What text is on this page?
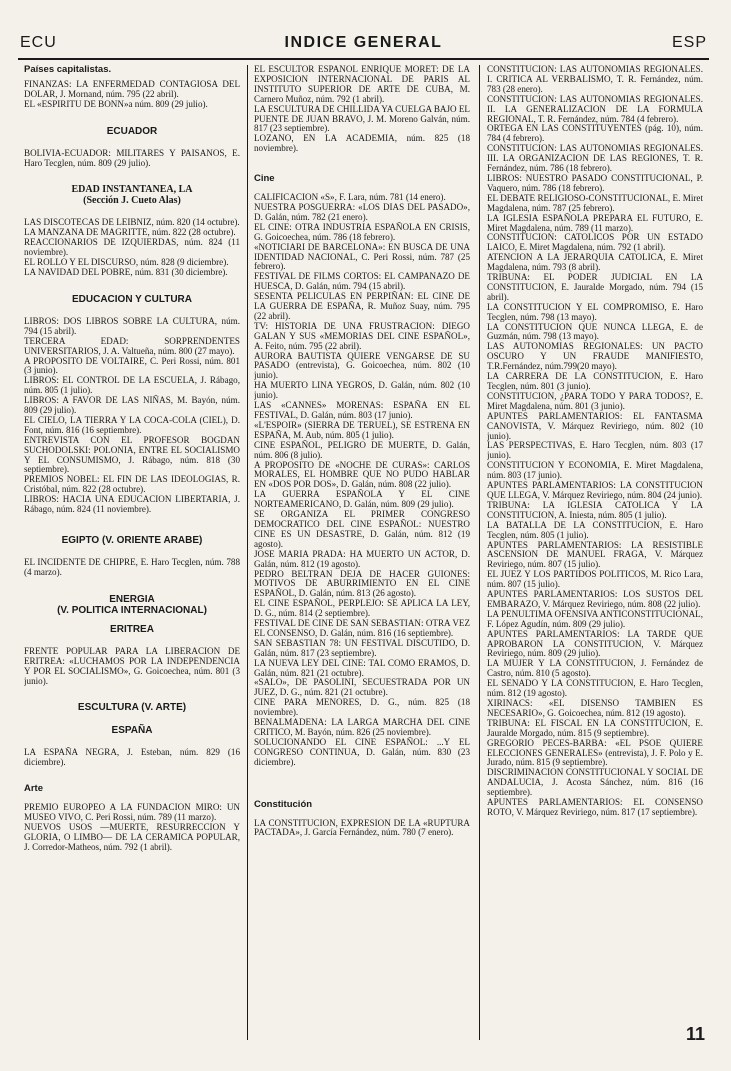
ECU	INDICE GENERAL	ESP
Países capitalistas.
FINANZAS: LA ENFERMEDAD CONTAGIOSA DEL DOLAR, J. Mornand, núm. 795 (22 abril).
EL «ESPIRITU DE BONN»a núm. 809 (29 julio).
ECUADOR
BOLIVIA-ECUADOR: MILITARES Y PAISANOS, E. Haro Tecglen, núm. 809 (29 julio).
EDAD INSTANTANEA, LA
(Sección J. Cueto Alas)
LAS DISCOTECAS DE LEIBNIZ, núm. 820 (14 octubre).
LA MANZANA DE MAGRITTE, núm. 822 (28 octubre).
REACCIONARIOS DE IZQUIERDAS, núm. 824 (11 noviembre).
EL ROLLO Y EL DISCURSO, núm. 828 (9 diciembre).
LA NAVIDAD DEL POBRE, núm. 831 (30 diciembre).
EDUCACION Y CULTURA
LIBROS: DOS LIBROS SOBRE LA CULTURA, núm. 794 (15 abril).
TERCERA EDAD: SORPRENDENTES UNIVERSITARIOS, J. A. Valtueña, núm. 800 (27 mayo).
A PROPOSITO DE VOLTAIRE, C. Peri Rossi, núm. 801 (3 junio).
LIBROS: EL CONTROL DE LA ESCUELA, J. Rábago, núm. 805 (1 julio).
LIBROS: A FAVOR DE LAS NIÑAS, M. Bayón, núm. 809 (29 julio).
EL CIELO, LA TIERRA Y LA COCA-COLA (CIEL), D. Font, núm. 816 (16 septiembre).
ENTREVISTA CON EL PROFESOR BOGDAN SUCHODOLSKI: POLONIA, ENTRE EL SOCIALISMO Y EL CONSUMISMO, J. Rábago, núm. 818 (30 septiembre).
PREMIOS NOBEL: EL FIN DE LAS IDEOLOGIAS, R. Cristóbal, núm. 822 (28 octubre).
LIBROS: HACIA UNA EDUCACION LIBERTARIA, J. Rábago, núm. 824 (11 noviembre).
EGIPTO (V. ORIENTE ARABE)
EL INCIDENTE DE CHIPRE, E. Haro Tecglen, núm. 788 (4 marzo).
ENERGIA
(V. POLITICA INTERNACIONAL)
ERITREA
FRENTE POPULAR PARA LA LIBERACION DE ERITREA: «LUCHAMOS POR LA INDEPENDENCIA Y POR EL SOCIALISMO», G. Goicoechea, núm. 801 (3 junio).
ESCULTURA (V. ARTE)
ESPAÑA
LA ESPAÑA NEGRA, J. Esteban, núm. 829 (16 diciembre).
Arte
PREMIO EUROPEO A LA FUNDACION MIRO: UN MUSEO VIVO, C. Peri Rossi, núm. 789 (11 marzo).
NUEVOS USOS —MUERTE, RESURRECCION Y GLORIA, O LIMBO— DE LA CERAMICA POPULAR, J. Corredor-Matheos, núm. 792 (1 abril).
EL ESCULTOR ESPAÑOL ENRIQUE MORET: DE LA EXPOSICION INTERNACIONAL DE PARIS AL INSTITUTO SUPERIOR DE ARTE DE CUBA, M. Carnero Muñoz, núm. 792 (1 abril).
LA ESCULTURA DE CHILLIDA YA CUELGA BAJO EL PUENTE DE JUAN BRAVO, J. M. Moreno Galván, núm. 817 (23 septiembre).
LOZANO, EN LA ACADEMIA, núm. 825 (18 noviembre).
Cine
CALIFICACION «S», F. Lara, núm. 781 (14 enero).
NUESTRA POSGUERRA: «LOS DIAS DEL PASADO», D. Galán, núm. 782 (21 enero).
EL CINE: OTRA INDUSTRIA ESPAÑOLA EN CRISIS, G. Goicoechea, núm. 786 (18 febrero).
«NOTICIARI DE BARCELONA»: EN BUSCA DE UNA IDENTIDAD NACIONAL, C. Peri Rossi, núm. 787 (25 febrero).
FESTIVAL DE FILMS CORTOS: EL CAMPANAZO DE HUESCA, D. Galán, núm. 794 (15 abril).
SESENTA PELICULAS EN PERPIÑAN: EL CINE DE LA GUERRA DE ESPAÑA, R. Muñoz Suay, núm. 795 (22 abril).
TV: HISTORIA DE UNA FRUSTRACION: DIEGO GALAN Y SUS «MEMORIAS DEL CINE ESPAÑOL», A. Feito, núm. 795 (22 abril).
AURORA BAUTISTA QUIERE VENGARSE DE SU PASADO (entrevista), G. Goicoechea, núm. 802 (10 junio).
HA MUERTO LINA YEGROS, D. Galán, núm. 802 (10 junio).
LAS «CANNES» MORENAS: ESPAÑA EN EL FESTIVAL, D. Galán, núm. 803 (17 junio).
«L'ESPOIR» (SIERRA DE TERUEL), SE ESTRENA EN ESPAÑA, M. Aub, núm. 805 (1 julio).
CINE ESPAÑOL, PELIGRO DE MUERTE, D. Galán, núm. 806 (8 julio).
A PROPOSITO DE «NOCHE DE CURAS»: CARLOS MORALES, EL HOMBRE QUE NO PUDO HABLAR EN «DOS POR DOS», D. Galán, núm. 808 (22 julio).
LA GUERRA ESPAÑOLA Y EL CINE NORTEAMERICANO, D. Galán, núm. 809 (29 julio).
SE ORGANIZA EL PRIMER CONGRESO DEMOCRATICO DEL CINE ESPAÑOL: NUESTRO CINE ES UN DESASTRE, D. Galán, núm. 812 (19 agosto).
JOSE MARIA PRADA: HA MUERTO UN ACTOR, D. Galán, núm. 812 (19 agosto).
PEDRO BELTRAN DEJA DE HACER GUIONES: MOTIVOS DE ABURRIMIENTO EN EL CINE ESPAÑOL, D. Galán, núm. 813 (26 agosto).
EL CINE ESPAÑOL, PERPLEJO: SE APLICA LA LEY, D. G., núm. 814 (2 septiembre).
FESTIVAL DE CINE DE SAN SEBASTIAN: OTRA VEZ EL CONSENSO, D. Galán, núm. 816 (16 septiembre).
SAN SEBASTIAN 78: UN FESTIVAL DISCUTIDO, D. Galán, núm. 817 (23 septiembre).
LA NUEVA LEY DEL CINE: TAL COMO ERAMOS, D. Galán, núm. 821 (21 octubre).
«SALO», DE PASOLINI, SECUESTRADA POR UN JUEZ, D. G., núm. 821 (21 octubre).
CINE PARA MENORES, D. G., núm. 825 (18 noviembre).
BENALMADENA: LA LARGA MARCHA DEL CINE CRITICO, M. Bayón, núm. 826 (25 noviembre).
SOLUCIONANDO EL CINE ESPAÑOL: ...Y EL CONGRESO CONTINUA, D. Galán, núm. 830 (23 diciembre).
Constitución
LA CONSTITUCION, EXPRESION DE LA «RUPTURA PACTADA», J. García Fernández, núm. 780 (7 enero).
CONSTITUCION: LAS AUTONOMIAS REGIONALES. I. CRITICA AL VERBALISMO, T. R. Fernández, núm. 783 (28 enero).
CONSTITUCION: LAS AUTONOMIAS REGIONALES. II. LA GENERALIZACION DE LA FORMULA REGIONAL, T. R. Fernández, núm. 784 (4 febrero).
ORTEGA EN LAS CONSTITUYENTES (pág. 10), núm. 784 (4 febrero).
CONSTITUCION: LAS AUTONOMIAS REGIONALES. III. LA ORGANIZACION DE LAS REGIONES, T. R. Fernández, núm. 786 (18 febrero).
LIBROS: NUESTRO PASADO CONSTITUCIONAL, P. Vaquero, núm. 786 (18 febrero).
EL DEBATE RELIGIOSO-CONSTITUCIONAL, E. Miret Magdalena, núm. 787 (25 febrero).
LA IGLESIA ESPAÑOLA PREPARA EL FUTURO, E. Miret Magdalena, núm. 789 (11 marzo).
CONSTITUCION: CATOLICOS POR UN ESTADO LAICO, E. Miret Magdalena, núm. 792 (1 abril).
ATENCION A LA JERARQUIA CATOLICA, E. Miret Magdalena, núm. 793 (8 abril).
TRIBUNA: EL PODER JUDICIAL EN LA CONSTITUCION, E. Jauralde Morgado, núm. 794 (15 abril).
LA CONSTITUCION Y EL COMPROMISO, E. Haro Tecglen, núm. 798 (13 mayo).
LA CONSTITUCION QUE NUNCA LLEGA, E. de Guzmán, núm. 798 (13 mayo).
LAS AUTONOMIAS REGIONALES: UN PACTO OSCURO Y UN FRAUDE MANIFIESTO, T.R.Fernández, núm.799(20 mayo).
LA CARRERA DE LA CONSTITUCION, E. Haro Tecglen, núm. 801 (3 junio).
CONSTITUCION, ¿PARA TODO Y PARA TODOS?, E. Miret Magdalena, núm. 801 (3 junio).
APUNTES PARLAMENTARIOS: EL FANTASMA CANOVISTA, V. Márquez Reviriego, núm. 802 (10 junio).
LAS PERSPECTIVAS, E. Haro Tecglen, núm. 803 (17 junio).
CONSTITUCION Y ECONOMIA, E. Miret Magdalena, núm. 803 (17 junio).
APUNTES PARLAMENTARIOS: LA CONSTITUCION QUE LLEGA, V. Márquez Reviriego, núm. 804 (24 junio).
TRIBUNA: LA IGLESIA CATOLICA Y LA CONSTITUCION, A. Iniesta, núm. 805 (1 julio).
LA BATALLA DE LA CONSTITUCION, E. Haro Tecglen, núm. 805 (1 julio).
APUNTES PARLAMENTARIOS: LA RESISTIBLE ASCENSION DE MANUEL FRAGA, V. Márquez Reviriego, núm. 807 (15 julio).
EL JUEZ Y LOS PARTIDOS POLITICOS, M. Rico Lara, núm. 807 (15 julio).
APUNTES PARLAMENTARIOS: LOS SUSTOS DEL EMBARAZO, V. Márquez Reviriego, núm. 808 (22 julio).
LA PENULTIMA OFENSIVA ANTICONSTITUCIONAL, F. López Agudín, núm. 809 (29 julio).
APUNTES PARLAMENTARIOS: LA TARDE QUE APROBARON LA CONSTITUCION, V. Márquez Reviriego, núm. 809 (29 julio).
LA MUJER Y LA CONSTITUCION, J. Fernández de Castro, núm. 810 (5 agosto).
EL SENADO Y LA CONSTITUCION, E. Haro Tecglen, núm. 812 (19 agosto).
XIRINACS: «EL DISENSO TAMBIEN ES NECESARIO», G. Goicoechea, núm. 812 (19 agosto).
TRIBUNA: EL FISCAL EN LA CONSTITUCION, E. Jauralde Morgado, núm. 815 (9 septiembre).
GREGORIO PECES-BARBA: «EL PSOE QUIERE ELECCIONES GENERALES» (entrevista), J. F. Polo y E. Jurado, núm. 815 (9 septiembre).
DISCRIMINACION CONSTITUCIONAL Y SOCIAL DE ANDALUCIA, J. Acosta Sánchez, núm. 816 (16 septiembre).
APUNTES PARLAMENTARIOS: EL CONSENSO ROTO, V. Márquez Reviriego, núm. 817 (17 septiembre).
11
